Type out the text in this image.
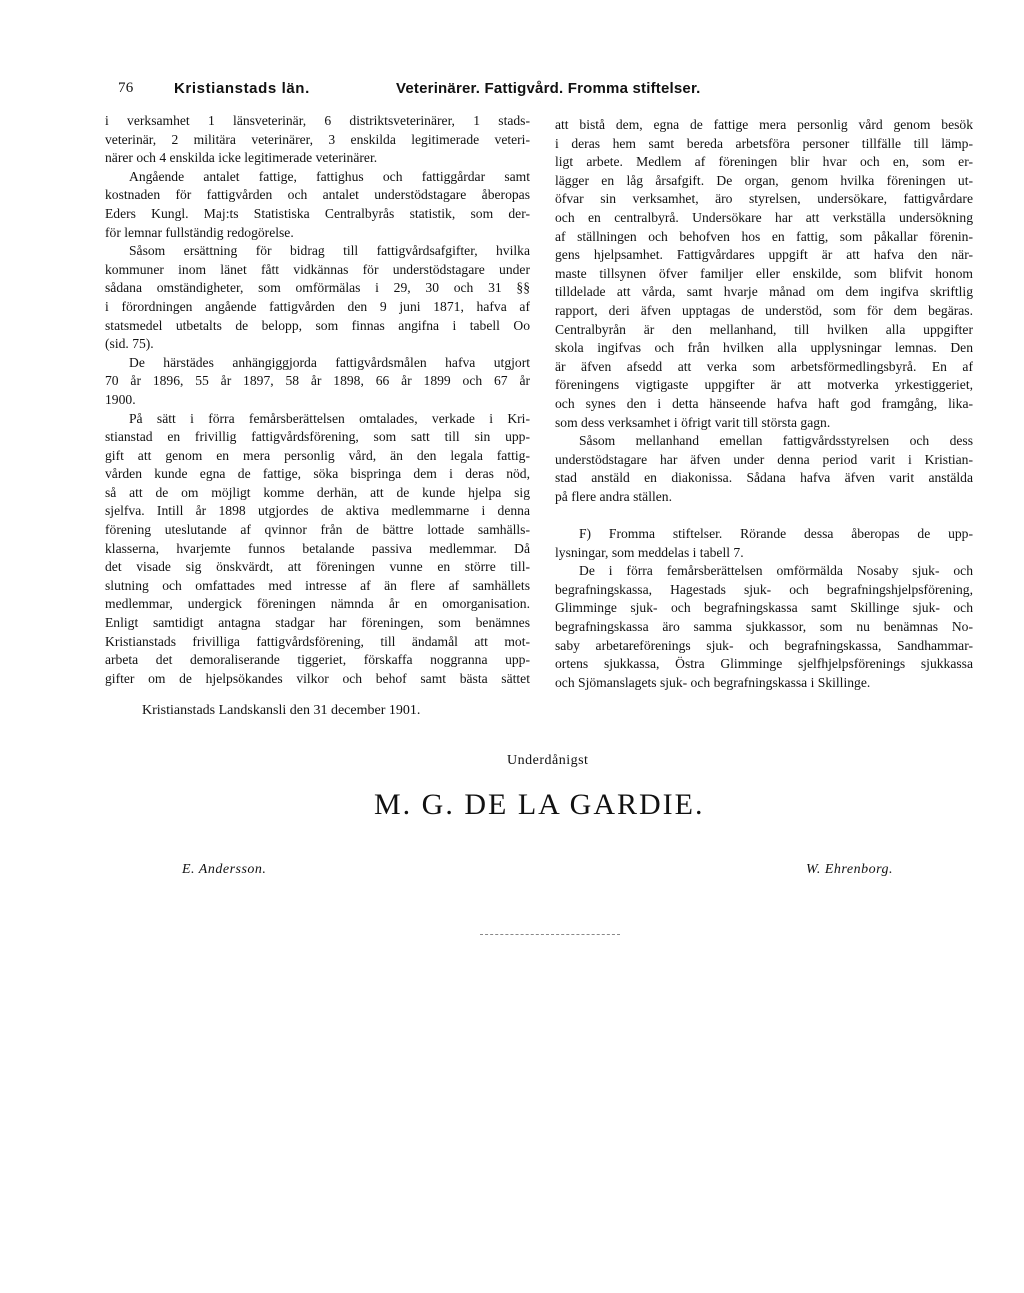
76	Kristianstads län.	Veterinärer. Fattigvård. Fromma stiftelser.
i verksamhet 1 länsveterinär, 6 distriktsveterinärer, 1 stads-
veterinär, 2 militära veterinärer, 3 enskilda legitimerade veteri-
närer och 4 enskilda icke legitimerade veterinärer.
Angående antalet fattige, fattighus och fattiggårdar samt
kostnaden för fattigvården och antalet understödstagare åberopas
Eders Kungl. Maj:ts Statistiska Centralbyrås statistik, som der-
för lemnar fullständig redogörelse.
Såsom ersättning för bidrag till fattigvårdsafgifter, hvilka
kommuner inom länet fått vidkännas för understödstagare under
sådana omständigheter, som omförmälas i 29, 30 och 31 §§
i förordningen angående fattigvården den 9 juni 1871, hafva af
statsmedel utbetalts de belopp, som finnas angifna i tabell Oo
(sid. 75).
De härstädes anhängiggjorda fattigvårdsmålen hafva utgjort
70 år 1896, 55 år 1897, 58 år 1898, 66 år 1899 och 67 år
1900.
På sätt i förra femårsberättelsen omtalades, verkade i Kri-
stianstad en frivillig fattigvårdsförening, som satt till sin upp-
gift att genom en mera personlig vård, än den legala fattig-
vården kunde egna de fattige, söka bispringa dem i deras nöd,
så att de om möjligt komme derhän, att de kunde hjelpa sig
sjelfva. Intill år 1898 utgjordes de aktiva medlemmarne i denna
förening uteslutande af qvinnor från de bättre lottade samhälls-
klasserna, hvarjemte funnos betalande passiva medlemmar. Då
det visade sig önskvärdt, att föreningen vunne en större till-
slutning och omfattades med intresse af än flere af samhällets
medlemmar, undergick föreningen nämnda år en omorganisation.
Enligt samtidigt antagna stadgar har föreningen, som benämnes
Kristianstads frivilliga fattigvårdsförening, till ändamål att mot-
arbeta det demoraliserande tiggeriet, förskaffa noggranna upp-
gifter om de hjelpsökandes vilkor och behof samt bästa sättet
att bistå dem, egna de fattige mera personlig vård genom besök
i deras hem samt bereda arbetsföra personer tillfälle till lämp-
ligt arbete. Medlem af föreningen blir hvar och en, som er-
lägger en låg årsafgift. De organ, genom hvilka föreningen ut-
öfvar sin verksamhet, äro styrelsen, undersökare, fattigvårdare
och en centralbyrå. Undersökare har att verkställa undersökning
af ställningen och behofven hos en fattig, som påkallar förenin-
gens hjelpsamhet. Fattigvårdares uppgift är att hafva den när-
maste tillsynen öfver familjer eller enskilde, som blifvit honom
tilldelade att vårda, samt hvarje månad om dem ingifva skriftlig
rapport, deri äfven upptagas de understöd, som för dem begäras.
Centralbyrån är den mellanhand, till hvilken alla uppgifter
skola ingifvas och från hvilken alla upplysningar lemnas. Den
är äfven afsedd att verka som arbetsförmedlingsbyrå. En af
föreningens vigtigaste uppgifter är att motverka yrkestiggeriet,
och synes den i detta hänseende hafva haft god framgång, lika-
som dess verksamhet i öfrigt varit till största gagn.
Såsom mellanhand emellan fattigvårdsstyrelsen och dess
understödstagare har äfven under denna period varit i Kristian-
stad anstäld en diakonissa. Sådana hafva äfven varit anstälda
på flere andra ställen.
F) Fromma stiftelser. Rörande dessa åberopas de upp-
lysningar, som meddelas i tabell 7.
De i förra femårsberättelsen omförmälda Nosaby sjuk- och
begrafningskassa, Hagestads sjuk- och begrafningshjelpsförening,
Glimminge sjuk- och begrafningskassa samt Skillinge sjuk- och
begrafningskassa äro samma sjukkassor, som nu benämnas No-
saby arbetareförenings sjuk- och begrafningskassa, Sandhammar-
ortens sjukkassa, Östra Glimminge sjelfhjelpsförenings sjukkassa
och Sjömanslagets sjuk- och begrafningskassa i Skillinge.
Kristianstads Landskansli den 31 december 1901.
Underdånigst
M. G. DE LA GARDIE.
E. Andersson.	W. Ehrenborg.
